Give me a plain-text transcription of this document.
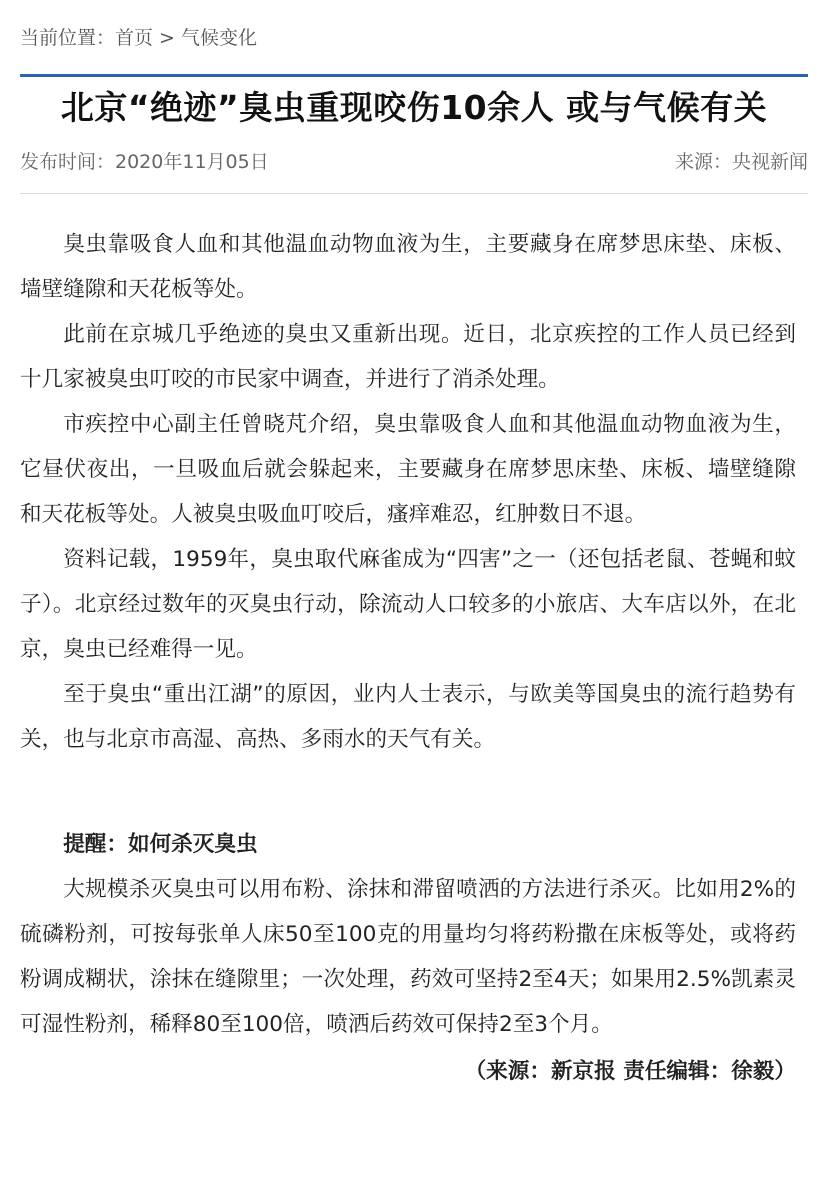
当前位置：首页 > 气候变化
北京“绝迹”臭虫重现咬伤10余人 或与气候有关
发布时间：2020年11月05日	来源：央视新闻

臭虫靠吸食人血和其他温血动物血液为生，主要藏身在席梦思床垫、床板、墙壁缝隙和天花板等处。

此前在京城几乎绝迹的臭虫又重新出现。近日，北京疾控的工作人员已经到十几家被臭虫叮咬的市民家中调查，并进行了消杀处理。

市疾控中心副主任曾晓芃介绍，臭虫靠吸食人血和其他温血动物血液为生，它昼伏夜出，一旦吸血后就会躲起来，主要藏身在席梦思床垫、床板、墙壁缝隙和天花板等处。人被臭虫吸血叮咬后，瘙痒难忍，红肿数日不退。

资料记载，1959年，臭虫取代麻雀成为“四害”之一（还包括老鼠、苍蝇和蚊子）。北京经过数年的灭臭虫行动，除流动人口较多的小旅店、大车店以外，在北京，臭虫已经难得一见。

至于臭虫“重出江湖”的原因，业内人士表示，与欧美等国臭虫的流行趋势有关，也与北京市高湿、高热、多雨水的天气有关。

提醒：如何杀灭臭虫

大规模杀灭臭虫可以用布粉、涂抹和滞留喷洒的方法进行杀灭。比如用2%的硫磷粉剂，可按每张单人床50至100克的用量均匀将药粉撒在床板等处，或将药粉调成糊状，涂抹在缝隙里；一次处理，药效可坚持2至4天；如果用2.5%凯素灵可湿性粉剂，稀释80至100倍，喷洒后药效可保持2至3个月。

（来源：新京报 责任编辑：徐毅）
